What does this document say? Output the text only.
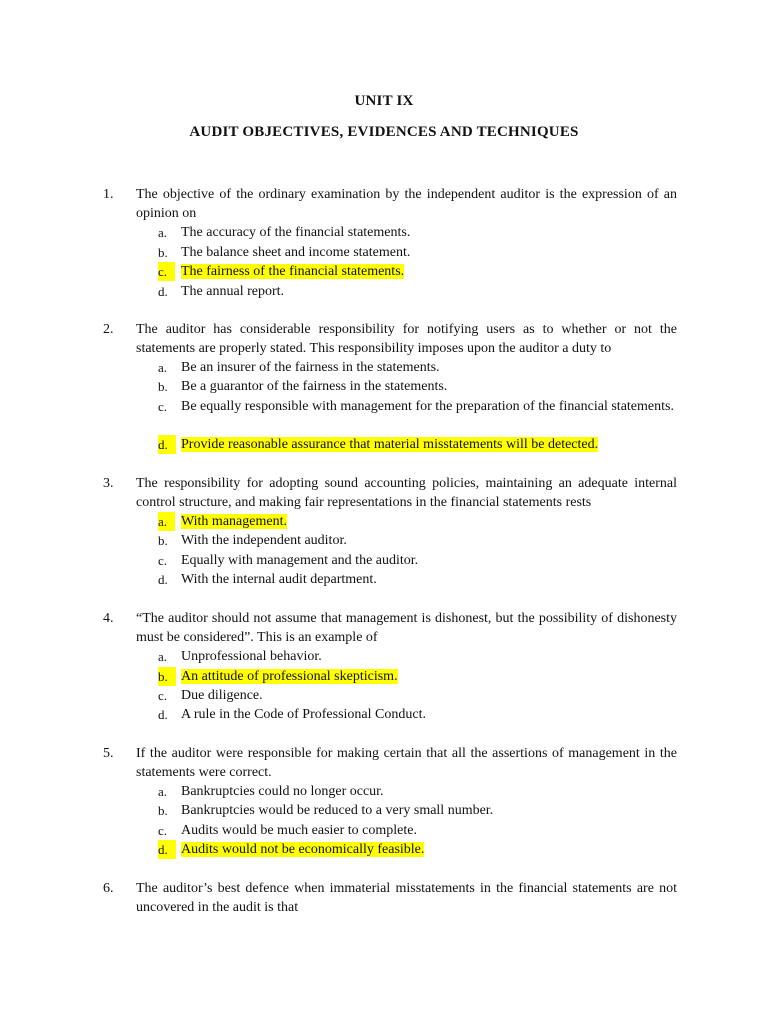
UNIT IX
AUDIT OBJECTIVES, EVIDENCES AND TECHNIQUES
1.	The objective of the ordinary examination by the independent auditor is the expression of an opinion on
a. The accuracy of the financial statements.
b. The balance sheet and income statement.
c. The fairness of the financial statements.
d. The annual report.
2.	The auditor has considerable responsibility for notifying users as to whether or not the statements are properly stated. This responsibility imposes upon the auditor a duty to
a. Be an insurer of the fairness in the statements.
b. Be a guarantor of the fairness in the statements.
c. Be equally responsible with management for the preparation of the financial statements.
d. Provide reasonable assurance that material misstatements will be detected.
3.	The responsibility for adopting sound accounting policies, maintaining an adequate internal control structure, and making fair representations in the financial statements rests
a. With management.
b. With the independent auditor.
c. Equally with management and the auditor.
d. With the internal audit department.
4.	“The auditor should not assume that management is dishonest, but the possibility of dishonesty must be considered”. This is an example of
a. Unprofessional behavior.
b. An attitude of professional skepticism.
c. Due diligence.
d. A rule in the Code of Professional Conduct.
5.	If the auditor were responsible for making certain that all the assertions of management in the statements were correct.
a. Bankruptcies could no longer occur.
b. Bankruptcies would be reduced to a very small number.
c. Audits would be much easier to complete.
d. Audits would not be economically feasible.
6.	The auditor’s best defence when immaterial misstatements in the financial statements are not uncovered in the audit is that
